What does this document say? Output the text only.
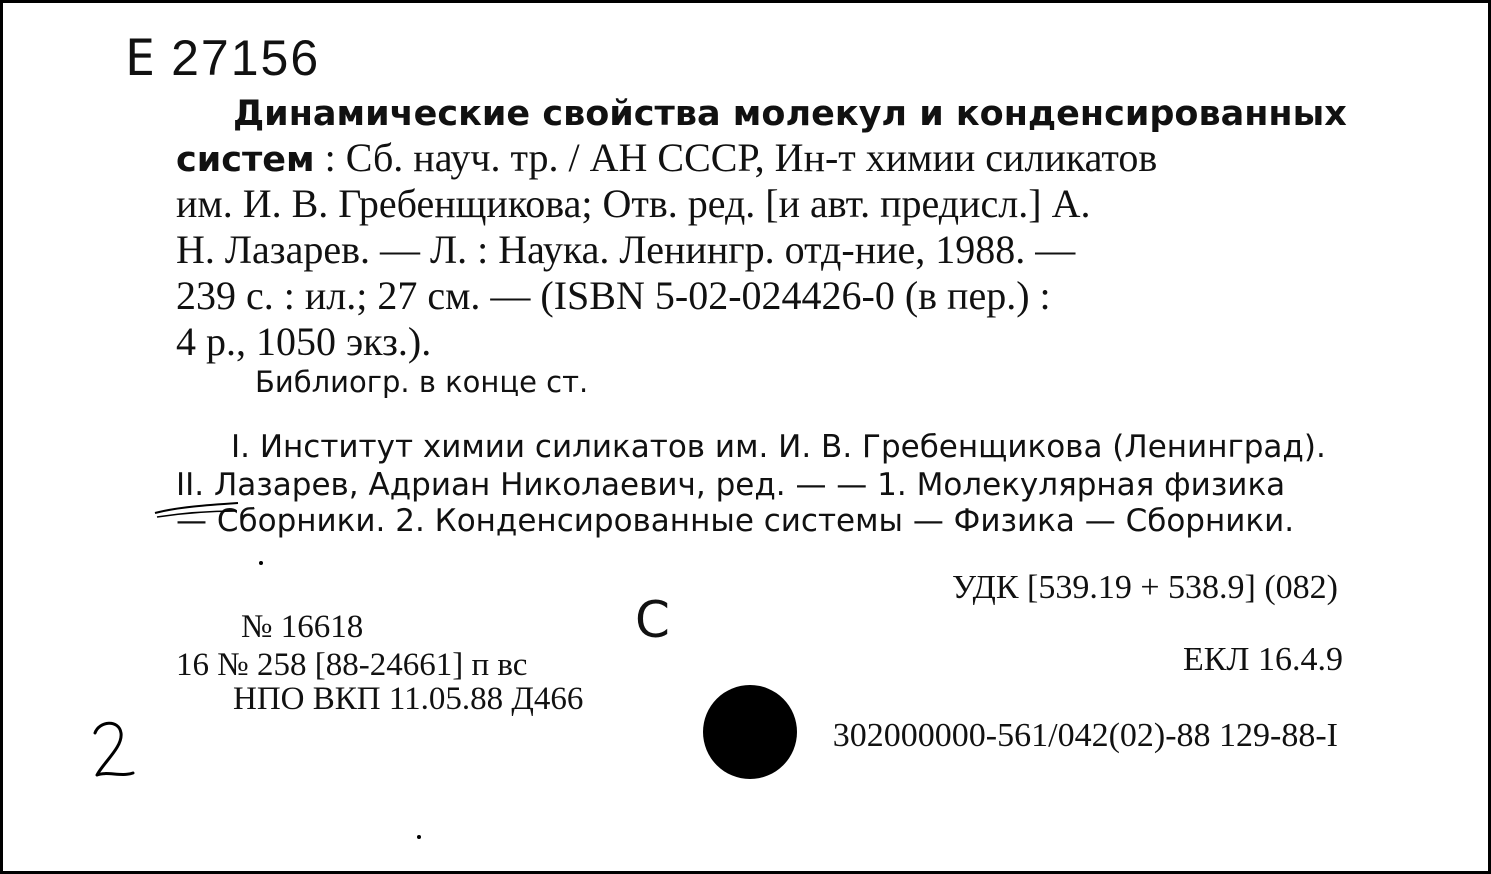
E 27156
Динамические свойства молекул и конденсированных
систем : Сб. науч. тр. / АН СССР, Ин-т химии силикатов
им. И. В. Гребенщикова; Отв. ред. [и авт. предисл.] А.
Н. Лазарев. — Л. : Наука. Ленингр. отд-ние, 1988. —
239 с. : ил.; 27 см. — (ISBN 5-02-024426-0 (в пер.) :
4 р., 1050 экз.).
Библиогр. в конце ст.
I. Институт химии силикатов им. И. В. Гребенщикова (Ленинград).
II. Лазарев, Адриан Николаевич, ред. — — 1. Молекулярная физика
— Сборники. 2. Конденсированные системы — Физика — Сборники.
УДК [539.19 + 538.9] (082)
С
№ 16618
16 № 258 [88-24661] п вс
НПО ВКП 11.05.88 Д466
ЕКЛ 16.4.9
302000000-561/042(02)-88 129-88-I
